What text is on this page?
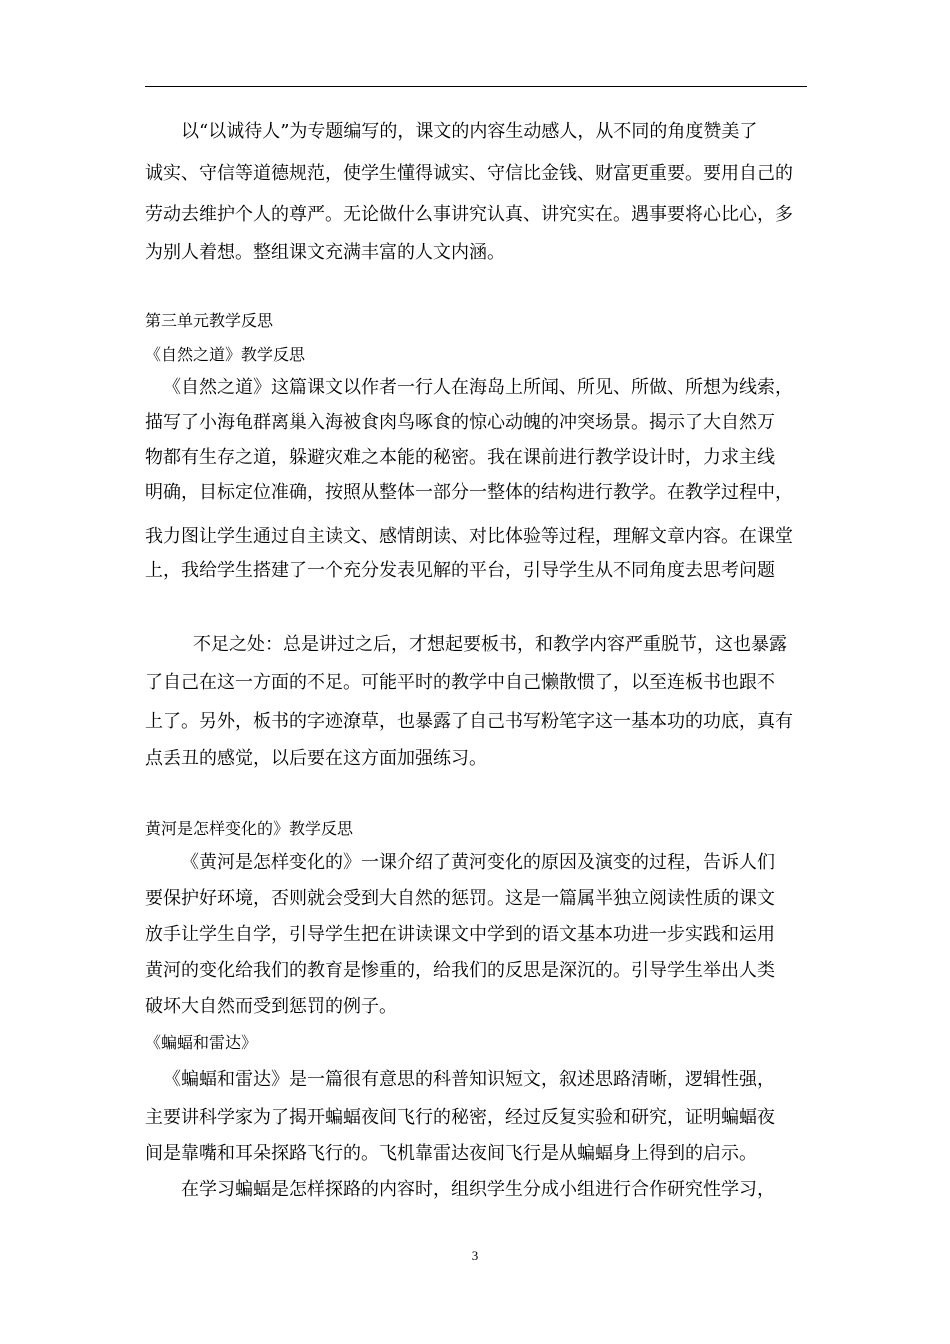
以“以诚待人”为专题编写的，课文的内容生动感人，从不同的角度赞美了
诚实、守信等道德规范，使学生懂得诚实、守信比金钱、财富更重要。要用自己的
劳动去维护个人的尊严。无论做什么事讲究认真、讲究实在。遇事要将心比心，多
为别人着想。整组课文充满丰富的人文内涵。
第三单元教学反思
《自然之道》教学反思
《自然之道》这篇课文以作者一行人在海岛上所闻、所见、所做、所想为线索，
描写了小海龟群离巢入海被食肉鸟啄食的惊心动魄的冲突场景。揭示了大自然万
物都有生存之道，躲避灾难之本能的秘密。我在课前进行教学设计时，力求主线
明确，目标定位准确，按照从整体一部分一整体的结构进行教学。在教学过程中，
我力图让学生通过自主读文、感情朗读、对比体验等过程，理解文章内容。在课堂
上，我给学生搭建了一个充分发表见解的平台，引导学生从不同角度去思考问题
不足之处：总是讲过之后，才想起要板书，和教学内容严重脱节，这也暴露
了自己在这一方面的不足。可能平时的教学中自己懒散惯了，以至连板书也跟不
上了。另外，板书的字迹潦草，也暴露了自己书写粉笔字这一基本功的功底，真有
点丢丑的感觉，以后要在这方面加强练习。
黄河是怎样变化的》教学反思
《黄河是怎样变化的》一课介绍了黄河变化的原因及演变的过程，告诉人们
要保护好环境，否则就会受到大自然的惩罚。这是一篇属半独立阅读性质的课文
放手让学生自学，引导学生把在讲读课文中学到的语文基本功进一步实践和运用
黄河的变化给我们的教育是惨重的，给我们的反思是深沉的。引导学生举出人类
破坏大自然而受到惩罚的例子。
《蝙蝠和雷达》
《蝙蝠和雷达》是一篇很有意思的科普知识短文，叙述思路清晰，逻辑性强，
主要讲科学家为了揭开蝙蝠夜间飞行的秘密，经过反复实验和研究，证明蝙蝠夜
间是靠嘴和耳朵探路飞行的。飞机靠雷达夜间飞行是从蝙蝠身上得到的启示。
在学习蝙蝠是怎样探路的内容时，组织学生分成小组进行合作研究性学习，
3
